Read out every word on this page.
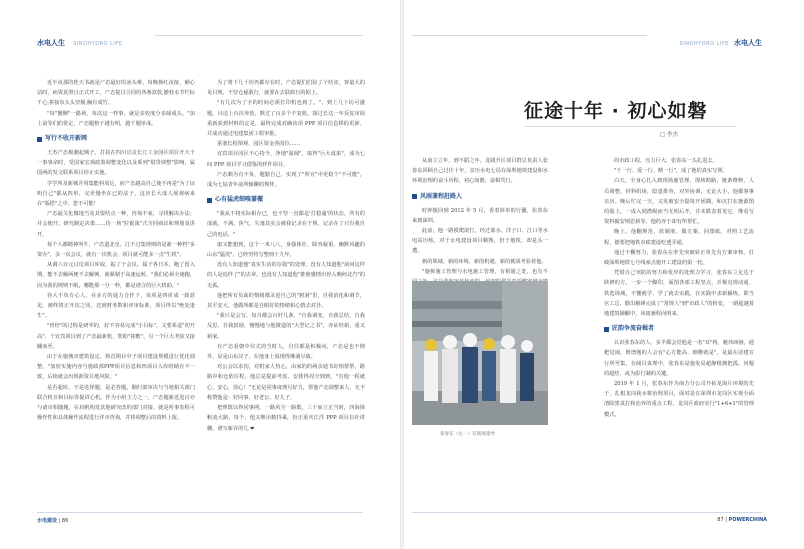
水电人生 SINOHYDRO LIFE

近半夜那的桂天书就是产态最好的冰头难，每晚换红夜接，桶心站时，病资真照日正式开工，产态提讨合同的各条款敦,撤桂水节栏标千心,拼接东头头坚描,胸有成竹。

"每"撤侧"一路场、每次这一样事，就是多校度分多阔成头。"加上前等们的常定，产态题格于越有明，越千题单成。

写行不收开新网

王杰产态极潮起城子，打获在四川宜贡长江工金园区项目开大千一事事命时，受国家宏观政策调整变化以及系列"借贷调整"影响，属国两的发文联系项目停止实施。

学学所及新城并用集能料周足，府产态越高自己使不再是"为了证明自己"都从四单，完更慢坐在已的法子，这应长大成人展观病来在"版搭"之中，您不可能！

产态最关化微地当及其要结点一种，咨询丰家，寻找解决办法；并会便开，研究制定决策……仿一场"拉锯战"式含同商议和规划及讲开。

每个人都精神所牛，产态道北皇。江不过集规则的是新一种档"多资办"，多一次会议，就有一次机会，项目就可能多一点"生机"。

从调六百元讨论项目库取，振了于会议，属于各日本，跑了留入期，能不去解两便不去解例，就紧制于高速运转，"我们必须全速跑，因为我的规则不眠，哪能那一分一秒，都是谱合的巨大机助。"

咨大不负有心人，在多方的通力合作下，该项是四折成一致意见，被终将正开次之同。达到财务数和评审标准，项目得以"绝处逢生"。

"骨经"的过程是研苹的，好不容易完成"小目标"，又要系退"初开高"，干宜宾项目到了产态最新机，帮助"抹敷"、另一个巨大考验又接踵而至。

由于在施城市建筑设定，将首期目中子项目建设规模进行优化调整，"加密实施内容与施政部PPP项目信息和四项目入库时储存不一致，后续就会出现新资目地风险。"

是否超库，不是选择题，是必答题。顺归部审决与当地相关部门联合机宣和目标等提讲心机。作为小组主力之一，产态题新近进百亦与诸市相随题，在肩帆构发其他研究改的部门对接、就是所事发程可操作性和具体操作流程进行详市咨询，并将调整后的资料上报。

为了将下几十坊仍都存在时，产态提们们验了个结实，客量大的见目规，不坚仓疑敢行，就要在去联政行的据上。

"有几次为了字的时间必须打印机也到了。"、到上几十坊可盛题，目适上百次奔放，默过了百多个不复收，探过长达一年反复审阅重新获到材料的定是，最终完成对确该项 PPP 项目信息移的更新、并成功通过电建集团工程审批。

重塞长程预观，园区资金各国位……

宜宾项目园区不心持今，净地"温阔"，取得"巨大成果"，成为七间 PPP 项目学习借鉴的样件项目。

产态颇为有不负，题勤自己，实现了"所宣"中更稳个"不可能"，成为七姑青年前所辅聊的规样。

心有猛虎细嗅蔷薇

"我从不将实际相存已，也不坚一直都是'打稳逾'的状态，所有的成就、不满、焦气、失落其实会被我记录在于规，记录在了只有我自己的电话。"

康又能想到，这个一米八八，身强体壮、除容凝重、幽默风趣的山东"猛虎"，已经坚持写整冊十九年。

没有人知道他"真实生活的存篇"的处理，没有人知道他"前问这样的人是追样了"的去章。也没有人知道他"推使感情出停入晚何北汽"的无孤。

他把所有负面的情绪都录进自己的"树洞"里，自我消化和调节，其平安大，他做所都是自眼好的情绪和心情去对扑。

"我只是会写，每月都会百杆几条，"自我调变，自我总结，自我反思，自我鼓励，慢慢地与他微道的"大型记之书"，亦证经新，重义新家。

在产态看朝中仪式的当时人，自往都是积极向，产态是也不例外，显是山东汉子，在他身上展现得淋漓尽致。

对公会以求钧，对机家人热心，由家的的两亲通书好相帮帮，路路中和仓依任程，他总是提前考虑，安排得周全到到，"有他一程就心，安心，放心！"无论是同事度理月好力，帮他产态调整来人，无不称赞他是：好同事，好老公、好儿子。

把理既以得同事网，一路风尘一路歌，三十而立正当时，四海扬帆凌大路，每个、他又继出精抖乘，扮正重庆江洋 PPP 项目启社讲棚，谱写新许的几 ❤

水电建设 | 86
SINOHYDRO LIFE 水电人生
征途十年 · 初心如磐
□ 李杰

从南立立年，到不蹈之年，龙阔升区项目群总负责人张春东回顾自己过往十年，亲历水电七局在深圳地铁建设和水环境治理的奋斗历程，初心如磐，奋楫笃行。

风雨兼程赶路人

时钟拨回到 2012 年 5 月，香着简单的行囊，张春东来到深圳。

此前，他一路摸爬滚打，经过部水、洋子口、江口等水电站历练，对于水电建设项目顺熟，但于地铁，却是头一遭。

新的领域、新的环境、新的机遇、新的挑战考验着他。

"施拆施工管理与水电施工管理，有相通之处，也有不

张春东（左一）在现场指导

的市政工程，压力巨大，张春东一头扎进去。

"干一行、爱一行、精一行"，成了他的真实写照。

白天，全身心扎入到现场施管理，现场勘路，链条维修，人员调整，材料组场，隐患排查，对外协调，无论大小，他都事事亲历。晚后忙完一天，又发被安全隐每开团隅，和沉打在施源图的股上，一成入到潜级而当无明后开，并未跌表着见它，继看写资料掘安则思新等。他的亦于却有所帮忙。

晚上，他翻规范、蓝制度、做方案，同图纸，对照工艺流程，德要把地铁市政建设吃透弄通。

通过不懈努力，张春东在率先突破转正单先有方案审核，打破深圳地铁七号线家点施开工建设的第一轮。

凭借自己突防的努力和优异的处理力学习，张春东立足达于陕修的方，一步一个脚印，面图各部工程坚点，并极克规动通、铁选场域，不懂就学、学了就去实践，在实践中求新颖练，即当官工总，勤出解锋完成了"常规人"到"市政人"的转变，一路超越着地建筑铺酮中，风雨兼程向明来。

匠韵争流奋楫者

认识张春东的人，多半都会觉他是一名"耳"将，魁伟凶恼，通耙觉闹，既谱题的人会有"心方能高、细稚就是"，是最在话建宣行所至集，在阔目责理中，张春东是施发局超静精拥把孤，问题的超结、或为影行制的关键。

2019 年 1 月，张春东作为南方分公司开拓龙海片环境的先于，扎根龙岗我水将治理项目，面对是在深圳市龙岗区实现全面清除黑臭打和治养的重点工程，龙岗区政府实行"1+6+1"的管理模式。

87 | POWERCHINA
